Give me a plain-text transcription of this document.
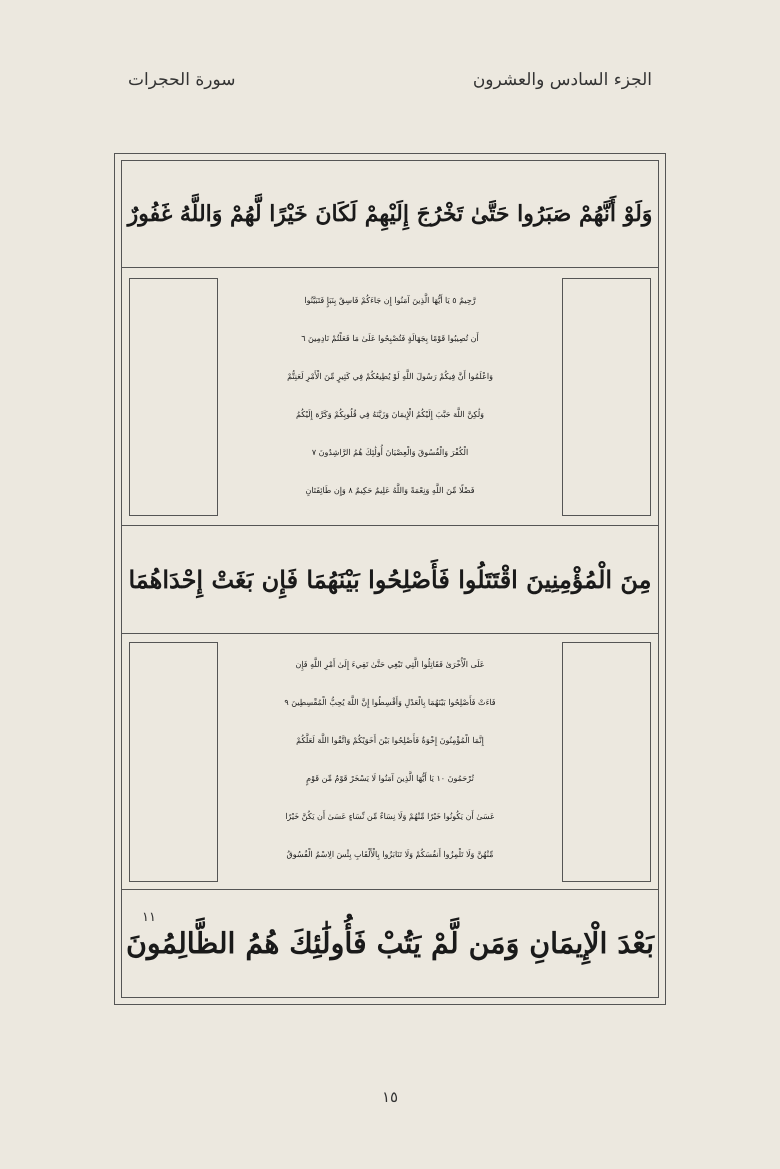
الجزء السادس والعشرون
سورة الحجرات
وَلَوْ أَنَّهُمْ صَبَرُوا حَتَّىٰ تَخْرُجَ إِلَيْهِمْ لَكَانَ خَيْرًا لَّهُمْ وَاللَّهُ غَفُورٌ
رَّحِيمٌ ٥ يَا أَيُّهَا الَّذِينَ آمَنُوا إِن جَاءَكُمْ فَاسِقٌ بِنَبَإٍ فَتَبَيَّنُوا
أَن تُصِيبُوا قَوْمًا بِجَهَالَةٍ فَتُصْبِحُوا عَلَىٰ مَا فَعَلْتُمْ نَادِمِينَ ٦
وَاعْلَمُوا أَنَّ فِيكُمْ رَسُولَ اللَّهِ لَوْ يُطِيعُكُمْ فِي كَثِيرٍ مِّنَ الْأَمْرِ لَعَنِتُّمْ
وَلَٰكِنَّ اللَّهَ حَبَّبَ إِلَيْكُمُ الْإِيمَانَ وَزَيَّنَهُ فِي قُلُوبِكُمْ وَكَرَّهَ إِلَيْكُمُ
الْكُفْرَ وَالْفُسُوقَ وَالْعِصْيَانَ أُولَٰئِكَ هُمُ الرَّاشِدُونَ ٧
فَضْلًا مِّنَ اللَّهِ وَنِعْمَةً وَاللَّهُ عَلِيمٌ حَكِيمٌ ٨ وَإِن طَائِفَتَانِ
مِنَ الْمُؤْمِنِينَ اقْتَتَلُوا فَأَصْلِحُوا بَيْنَهُمَا فَإِن بَغَتْ إِحْدَاهُمَا
عَلَى الْأُخْرَىٰ فَقَاتِلُوا الَّتِي تَبْغِي حَتَّىٰ تَفِيءَ إِلَىٰ أَمْرِ اللَّهِ فَإِن
فَاءَتْ فَأَصْلِحُوا بَيْنَهُمَا بِالْعَدْلِ وَأَقْسِطُوا إِنَّ اللَّهَ يُحِبُّ الْمُقْسِطِينَ ٩
إِنَّمَا الْمُؤْمِنُونَ إِخْوَةٌ فَأَصْلِحُوا بَيْنَ أَخَوَيْكُمْ وَاتَّقُوا اللَّهَ لَعَلَّكُمْ
تُرْحَمُونَ ١٠ يَا أَيُّهَا الَّذِينَ آمَنُوا لَا يَسْخَرْ قَوْمٌ مِّن قَوْمٍ
عَسَىٰ أَن يَكُونُوا خَيْرًا مِّنْهُمْ وَلَا نِسَاءٌ مِّن نِّسَاءٍ عَسَىٰ أَن يَكُنَّ خَيْرًا
مِّنْهُنَّ وَلَا تَلْمِزُوا أَنفُسَكُمْ وَلَا تَنَابَزُوا بِالْأَلْقَابِ بِئْسَ الِاسْمُ الْفُسُوقُ
بَعْدَ الْإِيمَانِ وَمَن لَّمْ يَتُبْ فَأُولَٰئِكَ هُمُ الظَّالِمُونَ
١١
١٥
